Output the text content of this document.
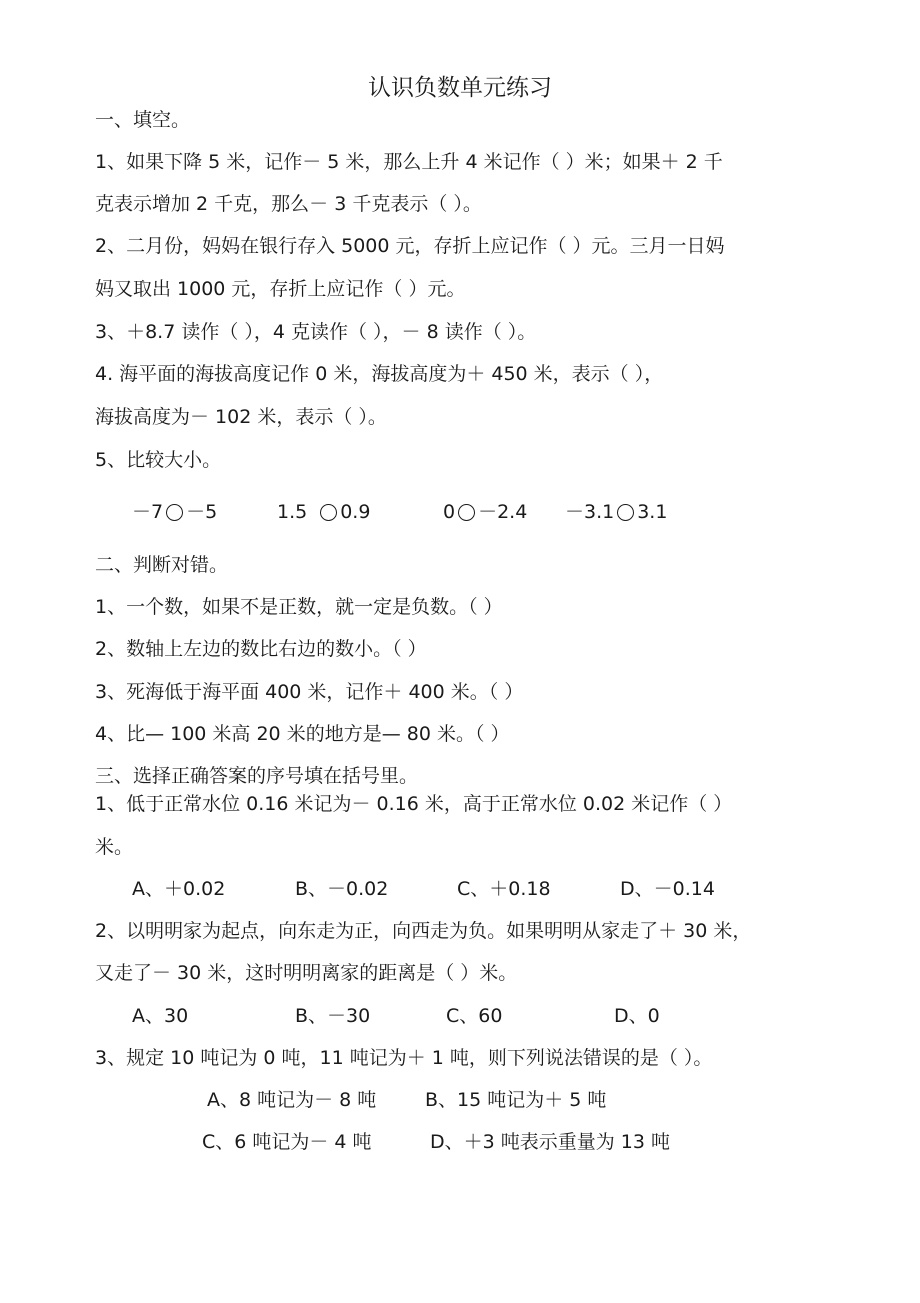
认识负数单元练习
一、填空。
1、如果下降 5 米，记作－ 5 米，那么上升 4 米记作（ ）米；如果＋ 2 千
克表示增加 2 千克，那么－ 3 千克表示（ ）。
2、二月份，妈妈在银行存入 5000 元，存折上应记作（ ）元。三月一日妈
妈又取出 1000 元，存折上应记作（ ）元。
3、＋8.7 读作（ ），4 克读作（ ），－ 8 读作（ ）。
4. 海平面的海拔高度记作 0 米，海拔高度为＋ 450 米，表示（ ），
海拔高度为－ 102 米，表示（ ）。
5、比较大小。
－7 －5	1.5 0.9	0 －2.4 －3.1 3.1
二、判断对错。
1、一个数，如果不是正数，就一定是负数。（ ）
2、数轴上左边的数比右边的数小。（ ）
3、死海低于海平面 400 米，记作＋ 400 米。（ ）
4、比— 100 米高 20 米的地方是— 80 米。（ ）
三、选择正确答案的序号填在括号里。
1、低于正常水位 0.16 米记为－ 0.16 米，高于正常水位 0.02 米记作（ ）
米。
A、＋0.02	B、－0.02	C、＋0.18	D、－0.14
2、以明明家为起点，向东走为正，向西走为负。如果明明从家走了＋ 30 米，
又走了－ 30 米，这时明明离家的距离是（ ）米。
A、30	B、－30	C、60	D、0
3、规定 10 吨记为 0 吨，11 吨记为＋ 1 吨，则下列说法错误的是（ ）。
A、8 吨记为－ 8 吨	B、15 吨记为＋ 5 吨
C、6 吨记为－ 4 吨	D、＋3 吨表示重量为 13 吨
